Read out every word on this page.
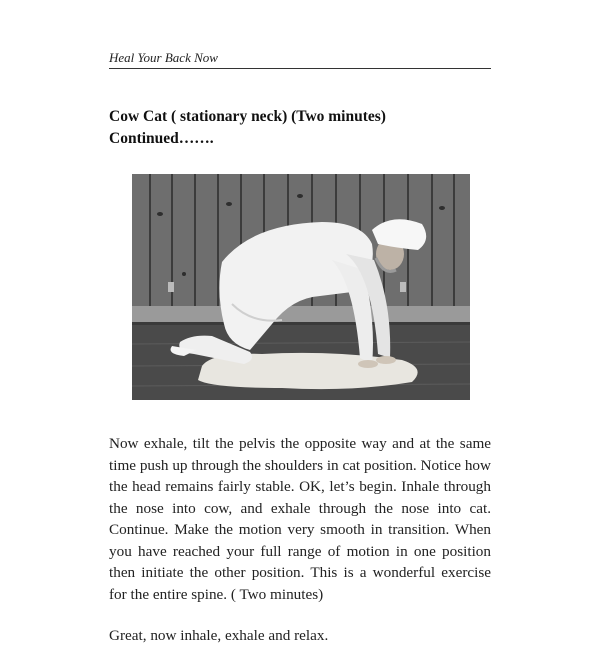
Heal Your Back Now
Cow Cat ( stationary neck) (Two minutes)
Continued…….

Now exhale, tilt the pelvis the opposite way and at the same time push up through the shoulders in cat position. Notice how the head remains fairly stable. OK, let’s begin. Inhale through the nose into cow, and exhale through the nose into cat. Continue. Make the motion very smooth in transition. When you have reached your full range of motion in one position then initiate the other position. This is a wonderful exercise for the entire spine. ( Two minutes)

Great, now inhale, exhale and relax.
